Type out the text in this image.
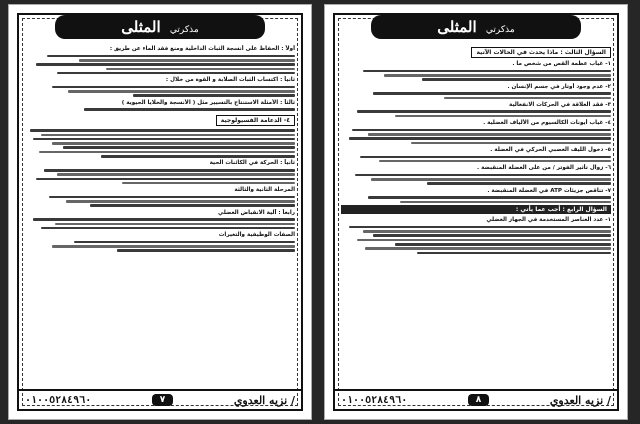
مذكرتي المثلى
أولاً : الحفاظ على أنسجة الثبات الداخلية ومنع فقد الماء عن طريق :
ثانياً : اكتساب الثبات الصلابة و القوة من خلال :
ثالثاً : الأمثلة الاستنتاج بالتسيير مثل ( الأنسجة والخلايا الحيوية )
٤- الدعامة الفسيولوجية
ثانياً : الحركة في الكائنات الحية
المرحلة الثانية والثالثة
رابعاً : آلية الانقباض العضلي
الصفات الوظيفية والتغيرات
/ نزيه العدوي
٧
٠١٠٠٥٢٨٤٩٦٠
مذكرتي المثلى
السؤال الثالث : ماذا يحدث في الحالات الآتية
١- غياب عظمة القص من شخص ما .
٢- عدم وجود أوتار في جسم الإنسان .
٣- فقد العلاقة في الحركات الانفعالية
٤- غياب أيونات الكالسيوم من الألياف العضلية .
٥- دخول الليف العصبي الحركي في العضلة .
٦- زوال تأثير الفوتر / من على العضلة المنقبضة .
٧- تناقص جزيئات ATP في العضلة المنقبضة .
السؤال الرابع : أجب عما يأتي :
١- عدد العناصر المستخدمة في الجهاز العضلي
/ نزيه العدوي
٨
٠١٠٠٥٢٨٤٩٦٠
